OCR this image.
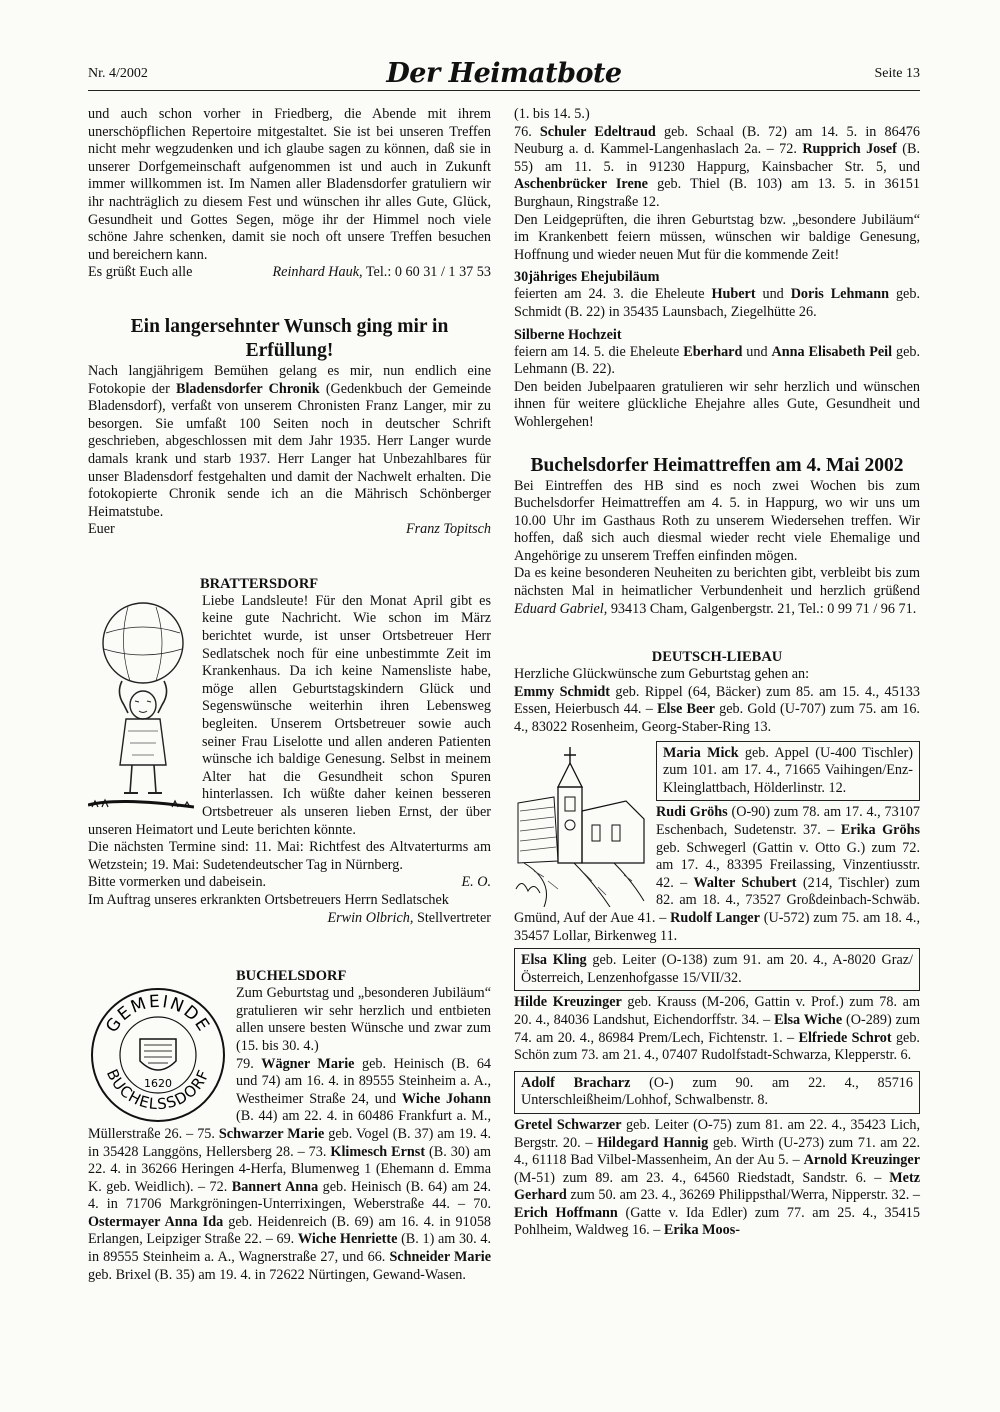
Nr. 4/2002	Der Heimatbote	Seite 13

und auch schon vorher in Friedberg, die Abende mit ihrem unerschöpflichen Repertoire mitgestaltet. Sie ist bei unseren Treffen nicht mehr wegzudenken und ich glaube sagen zu können, daß sie in unserer Dorfgemeinschaft aufgenommen ist und auch in Zukunft immer willkommen ist. Im Namen aller Bladensdorfer gratuliern wir ihr nachträglich zu diesem Fest und wünschen ihr alles Gute, Glück, Gesundheit und Gottes Segen, möge ihr der Himmel noch viele schöne Jahre schenken, damit sie noch oft unsere Treffen besuchen und bereichern kann.

Es grüßt Euch alle	Reinhard Hauk, Tel.: 0 60 31 / 1 37 53
Ein langersehnter Wunsch ging mir in Erfüllung!

Nach langjährigem Bemühen gelang es mir, nun endlich eine Fotokopie der Bladensdorfer Chronik (Gedenkbuch der Gemeinde Bladensdorf), verfaßt von unserem Chronisten Franz Langer, mir zu besorgen. Sie umfaßt 100 Seiten noch in deutscher Schrift geschrieben, abgeschlossen mit dem Jahr 1935. Herr Langer wurde damals krank und starb 1937. Herr Langer hat Unbezahlbares für unser Bladensdorf festgehalten und damit der Nachwelt erhalten. Die fotokopierte Chronik sende ich an die Mährisch Schönberger Heimatstube.

Euer	Franz Topitsch
BRATTERSDORF

Liebe Landsleute! Für den Monat April gibt es keine gute Nachricht. Wie schon im März berichtet wurde, ist unser Ortsbetreuer Herr Sedlatschek noch für eine unbestimmte Zeit im Krankenhaus. Da ich keine Namensliste habe, möge allen Geburtstagskindern Glück und Segenswünsche weiterhin ihren Lebensweg begleiten. Unserem Ortsbetreuer sowie auch seiner Frau Liselotte und allen anderen Patienten wünsche ich baldige Genesung. Selbst in meinem Alter hat die Gesundheit schon Spuren hinterlassen. Ich wüßte daher keinen besseren Ortsbetreuer als unseren lieben Ernst, der über unseren Heimatort und Leute berichten könnte.

Die nächsten Termine sind: 11. Mai: Richtfest des Altvaterturms am Wetzstein; 19. Mai: Sudetendeutscher Tag in Nürnberg.

Bitte vormerken und dabeisein.	E. O.

Im Auftrag unseres erkrankten Ortsbetreuers Herrn Sedlatschek

Erwin Olbrich, Stellvertreter

BUCHELSDORF
GEMEINDE
BUCHELSSDORF
1620

Zum Geburtstag und „besonderen Jubiläum“ gratulieren wir sehr herzlich und entbieten allen unsere besten Wünsche und zwar zum (15. bis 30. 4.)

79. Wägner Marie geb. Heinisch (B. 64 und 74) am 16. 4. in 89555 Steinheim a. A., Westheimer Straße 24, und Wiche Johann (B. 44) am 22. 4. in 60486 Frankfurt a. M., Müllerstraße 26. – 75. Schwarzer Marie geb. Vogel (B. 37) am 19. 4. in 35428 Langgöns, Hellersberg 28. – 73. Klimesch Ernst (B. 30) am 22. 4. in 36266 Heringen 4-Herfa, Blumenweg 1 (Ehemann d. Emma K. geb. Weidlich). – 72. Bannert Anna geb. Heinisch (B. 64) am 24. 4. in 71706 Markgröningen-Unterrixingen, Weberstraße 44. – 70. Ostermayer Anna Ida geb. Heidenreich (B. 69) am 16. 4. in 91058 Erlangen, Leipziger Straße 22. – 69. Wiche Henriette (B. 1) am 30. 4. in 89555 Steinheim a. A., Wagnerstraße 27, und 66. Schneider Marie geb. Brixel (B. 35) am 19. 4. in 72622 Nürtingen, Gewand-Wasen.

(1. bis 14. 5.)

76. Schuler Edeltraud geb. Schaal (B. 72) am 14. 5. in 86476 Neuburg a. d. Kammel-Langenhaslach 2a. – 72. Rupprich Josef (B. 55) am 11. 5. in 91230 Happurg, Kainsbacher Str. 5, und Aschenbrücker Irene geb. Thiel (B. 103) am 13. 5. in 36151 Burghaun, Ringstraße 12.

Den Leidgeprüften, die ihren Geburtstag bzw. „besondere Jubiläum“ im Krankenbett feiern müssen, wünschen wir baldige Genesung, Hoffnung und wieder neuen Mut für die kommende Zeit!

30jähriges Ehejubiläum

feierten am 24. 3. die Eheleute Hubert und Doris Lehmann geb. Schmidt (B. 22) in 35435 Launsbach, Ziegelhütte 26.

Silberne Hochzeit

feiern am 14. 5. die Eheleute Eberhard und Anna Elisabeth Peil geb. Lehmann (B. 22).

Den beiden Jubelpaaren gratulieren wir sehr herzlich und wünschen ihnen für weitere glückliche Ehejahre alles Gute, Gesundheit und Wohlergehen!

Buchelsdorfer Heimattreffen am 4. Mai 2002

Bei Eintreffen des HB sind es noch zwei Wochen bis zum Buchelsdorfer Heimattreffen am 4. 5. in Happurg, wo wir uns um 10.00 Uhr im Gasthaus Roth zu unserem Wiedersehen treffen. Wir hoffen, daß sich auch diesmal wieder recht viele Ehemalige und Angehörige zu unserem Treffen einfinden mögen.

Da es keine besonderen Neuheiten zu berichten gibt, verbleibt bis zum nächsten Mal in heimatlicher Verbundenheit und herzlich grüßend Eduard Gabriel, 93413 Cham, Galgenbergstr. 21, Tel.: 0 99 71 / 96 71.

DEUTSCH-LIEBAU

Herzliche Glückwünsche zum Geburtstag gehen an:

Emmy Schmidt geb. Rippel (64, Bäcker) zum 85. am 15. 4., 45133 Essen, Heierbusch 44. – Else Beer geb. Gold (U-707) zum 75. am 16. 4., 83022 Rosenheim, Georg-Staber-Ring 13.

Maria Mick geb. Appel (U-400 Tischler) zum 101. am 17. 4., 71665 Vaihingen/Enz-Kleinglattbach, Hölderlinstr. 12.

Rudi Gröhs (O-90) zum 78. am 17. 4., 73107 Eschenbach, Sudetenstr. 37. – Erika Gröhs geb. Schwegerl (Gattin v. Otto G.) zum 72. am 17. 4., 83395 Freilassing, Vinzentiusstr. 42. – Walter Schubert (214, Tischler) zum 82. am 18. 4., 73527 Großdeinbach-Schwäb. Gmünd, Auf der Aue 41. – Rudolf Langer (U-572) zum 75. am 18. 4., 35457 Lollar, Birkenweg 11.

Elsa Kling geb. Leiter (O-138) zum 91. am 20. 4., A-8020 Graz/Österreich, Lenzenhofgasse 15/VII/32.

Hilde Kreuzinger geb. Krauss (M-206, Gattin v. Prof.) zum 78. am 20. 4., 84036 Landshut, Eichendorffstr. 34. – Elsa Wiche (O-289) zum 74. am 20. 4., 86984 Prem/Lech, Fichtenstr. 1. – Elfriede Schrot geb. Schön zum 73. am 21. 4., 07407 Rudolfstadt-Schwarza, Klepperstr. 6.

Adolf Bracharz (O-) zum 90. am 22. 4., 85716 Unterschleißheim/Lohhof, Schwalbenstr. 8.

Gretel Schwarzer geb. Leiter (O-75) zum 81. am 22. 4., 35423 Lich, Bergstr. 20. – Hildegard Hannig geb. Wirth (U-273) zum 71. am 22. 4., 61118 Bad Vilbel-Massenheim, An der Au 5. – Arnold Kreuzinger (M-51) zum 89. am 23. 4., 64560 Riedstadt, Sandstr. 6. – Metz Gerhard zum 50. am 23. 4., 36269 Philippsthal/Werra, Nipperstr. 32. – Erich Hoffmann (Gatte v. Ida Edler) zum 77. am 25. 4., 35415 Pohlheim, Waldweg 16. – Erika Moos-
